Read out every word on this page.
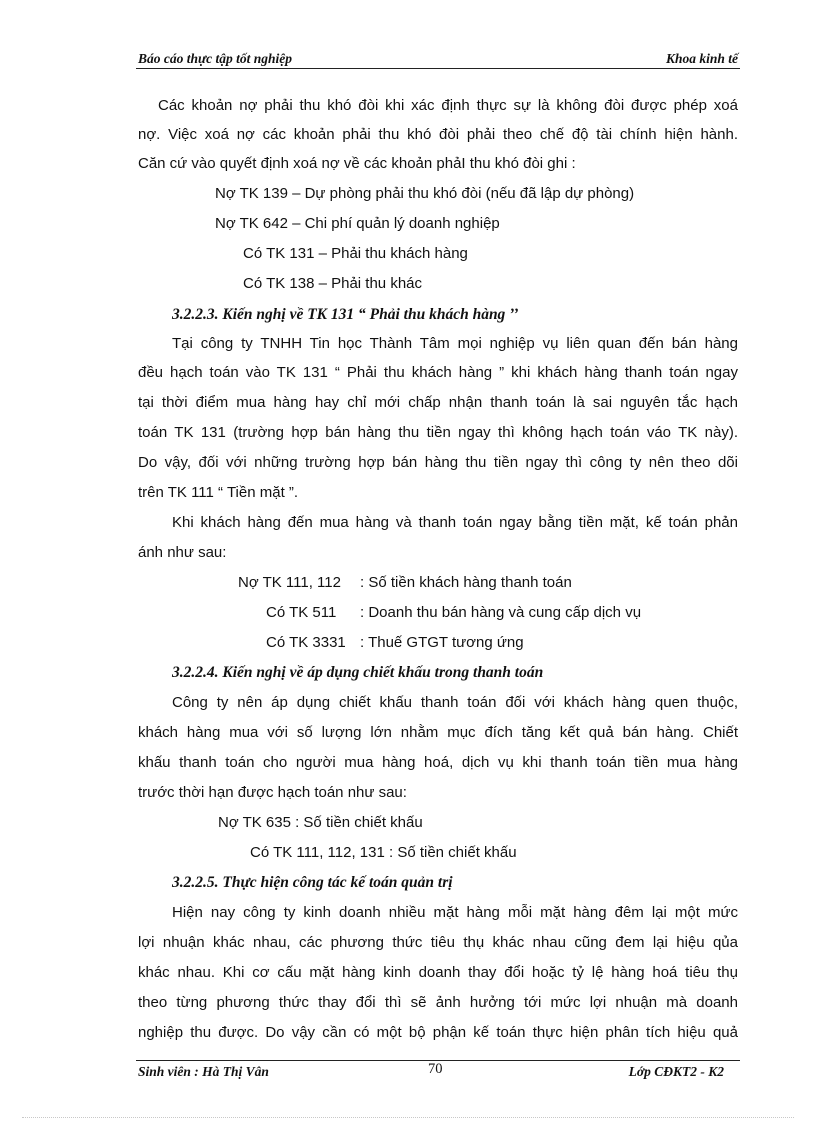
Báo cáo thực tập tốt nghiệp	Khoa kinh tế
Các khoản nợ phải thu khó đòi khi xác định thực sự là không đòi được phép xoá
nợ. Việc xoá nợ các khoản phải thu khó đòi phải theo chế độ tài chính hiện hành.
Căn cứ vào quyết định xoá nợ về các khoản phảI thu khó đòi ghi :
Nợ TK 139 – Dự phòng phải thu khó đòi (nếu đã lập dự phòng)
Nợ TK 642 – Chi phí quản lý doanh nghiệp
Có TK 131 – Phải thu khách hàng
Có TK 138 – Phải thu khác
3.2.2.3. Kiến nghị về TK 131 “ Phải thu khách hàng ’’
Tại công ty TNHH Tin học Thành Tâm mọi nghiệp vụ liên quan đến bán hàng
đều hạch toán vào TK 131 “ Phải thu khách hàng ” khi khách hàng thanh toán ngay
tại thời điểm mua hàng hay chỉ mới chấp nhận thanh toán là sai nguyên tắc hạch
toán TK 131 (trường hợp bán hàng thu tiền ngay thì không hạch toán váo TK này).
Do vậy, đối với những trường hợp bán hàng thu tiền ngay thì công ty nên theo dõi
trên TK 111 “ Tiền mặt ”.
Khi khách hàng đến mua hàng và thanh toán ngay bằng tiền mặt, kế toán phản
ánh như sau:
Nợ TK 111, 112 : Số tiền khách hàng thanh toán
Có TK 511 : Doanh thu bán hàng và cung cấp dịch vụ
Có TK 3331 : Thuế GTGT tương ứng
3.2.2.4. Kiến nghị về áp dụng chiết khấu trong thanh toán
Công ty nên áp dụng chiết khấu thanh toán đối với khách hàng quen thuộc,
khách hàng mua với số lượng lớn nhằm mục đích tăng kết quả bán hàng. Chiết
khấu thanh toán cho người mua hàng hoá, dịch vụ khi thanh toán tiền mua hàng
trước thời hạn được hạch toán như sau:
Nợ TK 635 : Số tiền chiết khấu
Có TK 111, 112, 131 : Số tiền chiết khấu
3.2.2.5. Thực hiện công tác kế toán quản trị
Hiện nay công ty kinh doanh nhiều mặt hàng mỗi mặt hàng đêm lại một mức
lợi nhuận khác nhau, các phương thức tiêu thụ khác nhau cũng đem lại hiệu qủa
khác nhau. Khi cơ cấu mặt hàng kinh doanh thay đổi hoặc tỷ lệ hàng hoá tiêu thụ
theo từng phương thức thay đổi thì sẽ ảnh hưởng tới mức lợi nhuận mà doanh
nghiệp thu được. Do vậy cần có một bộ phận kế toán thực hiện phân tích hiệu quả
Sinh viên : Hà Thị Vân	70	Lớp CĐKT2 - K2
